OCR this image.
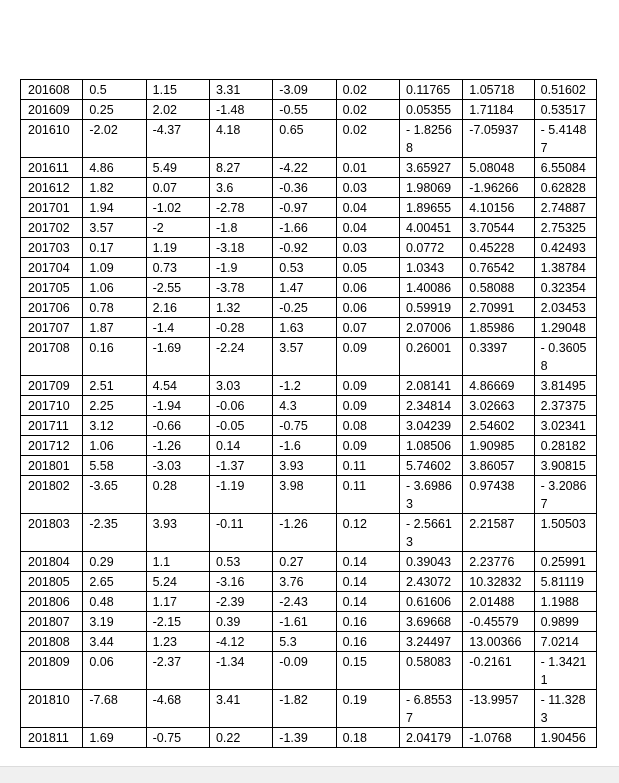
201608	0.5	1.15	3.31	-3.09	0.02	0.11765	1.05718	0.51602
201609	0.25	2.02	-1.48	-0.55	0.02	0.05355	1.71184	0.53517
201610	-2.02	-4.37	4.18	0.65	0.02	- 1.82568	-7.05937	- 5.41487
201611	4.86	5.49	8.27	-4.22	0.01	3.65927	5.08048	6.55084
201612	1.82	0.07	3.6	-0.36	0.03	1.98069	-1.96266	0.62828
201701	1.94	-1.02	-2.78	-0.97	0.04	1.89655	4.10156	2.74887
201702	3.57	-2	-1.8	-1.66	0.04	4.00451	3.70544	2.75325
201703	0.17	1.19	-3.18	-0.92	0.03	0.0772	0.45228	0.42493
201704	1.09	0.73	-1.9	0.53	0.05	1.0343	0.76542	1.38784
201705	1.06	-2.55	-3.78	1.47	0.06	1.40086	0.58088	0.32354
201706	0.78	2.16	1.32	-0.25	0.06	0.59919	2.70991	2.03453
201707	1.87	-1.4	-0.28	1.63	0.07	2.07006	1.85986	1.29048
201708	0.16	-1.69	-2.24	3.57	0.09	0.26001	0.3397	- 0.36058
201709	2.51	4.54	3.03	-1.2	0.09	2.08141	4.86669	3.81495
201710	2.25	-1.94	-0.06	4.3	0.09	2.34814	3.02663	2.37375
201711	3.12	-0.66	-0.05	-0.75	0.08	3.04239	2.54602	3.02341
201712	1.06	-1.26	0.14	-1.6	0.09	1.08506	1.90985	0.28182
201801	5.58	-3.03	-1.37	3.93	0.11	5.74602	3.86057	3.90815
201802	-3.65	0.28	-1.19	3.98	0.11	- 3.69863	0.97438	- 3.20867
201803	-2.35	3.93	-0.11	-1.26	0.12	- 2.56613	2.21587	1.50503
201804	0.29	1.1	0.53	0.27	0.14	0.39043	2.23776	0.25991
201805	2.65	5.24	-3.16	3.76	0.14	2.43072	10.32832	5.81119
201806	0.48	1.17	-2.39	-2.43	0.14	0.61606	2.01488	1.1988
201807	3.19	-2.15	0.39	-1.61	0.16	3.69668	-0.45579	0.9899
201808	3.44	1.23	-4.12	5.3	0.16	3.24497	13.00366	7.0214
201809	0.06	-2.37	-1.34	-0.09	0.15	0.58083	-0.2161	- 1.34211
201810	-7.68	-4.68	3.41	-1.82	0.19	- 6.85537	-13.9957	- 11.3283
201811	1.69	-0.75	0.22	-1.39	0.18	2.04179	-1.0768	1.90456
